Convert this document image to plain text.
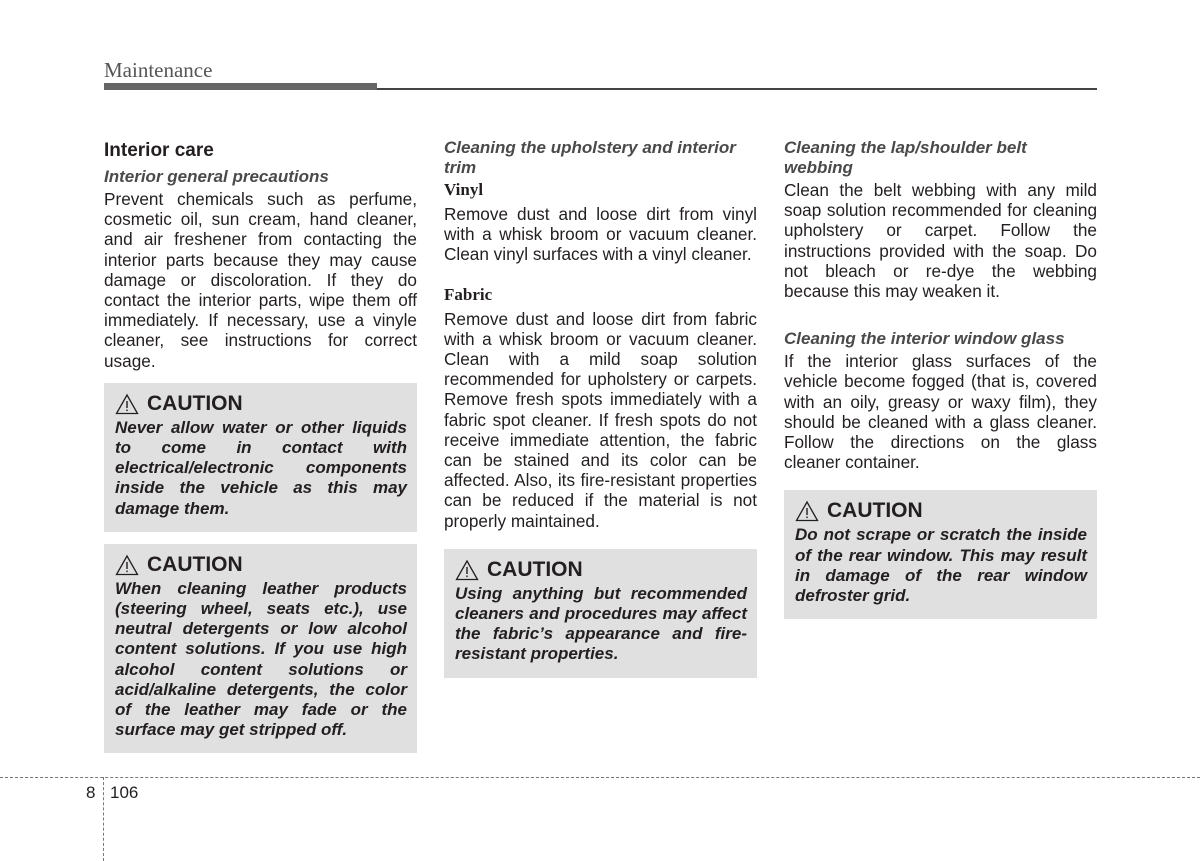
Maintenance
Interior care
Interior general precautions

Prevent chemicals such as perfume, cosmetic oil, sun cream, hand cleaner, and air freshener from contacting the interior parts because they may cause damage or discoloration. If they do contact the interior parts, wipe them off immediately. If necessary, use a vinyle cleaner, see instructions for correct usage.

CAUTION

Never allow water or other liquids to come in contact with electrical/electronic components inside the vehicle as this may damage them.

CAUTION

When cleaning leather products (steering wheel, seats etc.), use neutral detergents or low alcohol content solutions. If you use high alcohol content solutions or acid/alkaline detergents, the color of the leather may fade or the surface may get stripped off.

Cleaning the upholstery and interior trim
Vinyl

Remove dust and loose dirt from vinyl with a whisk broom or vacuum cleaner. Clean vinyl surfaces with a vinyl cleaner.

Fabric

Remove dust and loose dirt from fabric with a whisk broom or vacuum cleaner. Clean with a mild soap solution recommended for upholstery or carpets. Remove fresh spots immediately with a fabric spot cleaner. If fresh spots do not receive immediate attention, the fabric can be stained and its color can be affected. Also, its fire-resistant properties can be reduced if the material is not properly maintained.

CAUTION

Using anything but recommended cleaners and procedures may affect the fabric’s appearance and fire-resistant properties.

Cleaning the lap/shoulder belt webbing

Clean the belt webbing with any mild soap solution recommended for cleaning upholstery or carpet. Follow the instructions provided with the soap. Do not bleach or re-dye the webbing because this may weaken it.

Cleaning the interior window glass

If the interior glass surfaces of the vehicle become fogged (that is, covered with an oily, greasy or waxy film), they should be cleaned with a glass cleaner. Follow the directions on the glass cleaner container.

CAUTION

Do not scrape or scratch the inside of the rear window. This may result in damage of the rear window defroster grid.

8 106
